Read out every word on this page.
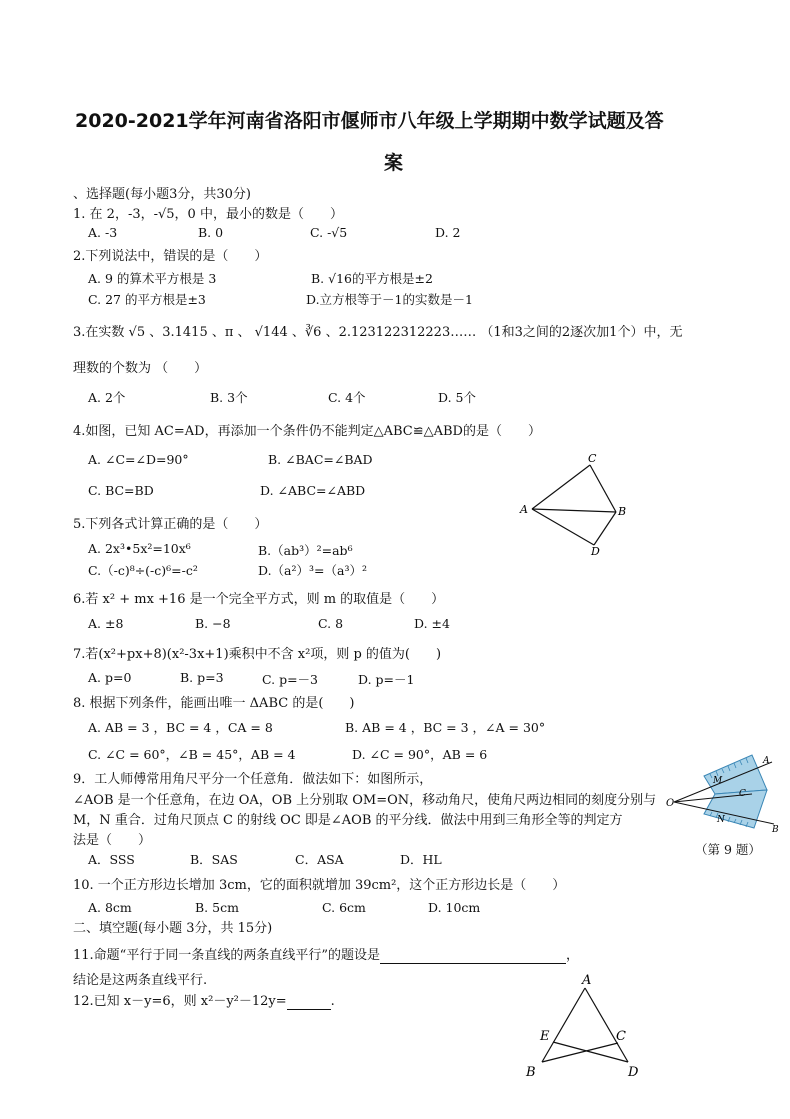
2020-2021学年河南省洛阳市偃师市八年级上学期期中数学试题及答
案
、选择题(每小题3分，共30分)
1. 在 2，-3，-√5，0 中，最小的数是（　　）
A. -3	B. 0	C. -√5	D. 2
2.下列说法中，错误的是（　　）
A. 9 的算术平方根是 3	B. √16的平方根是±2
C. 27 的平方根是±3	D.立方根等于－1的实数是－1
3.在实数 √5 、3.1415 、π 、 √144 、∛6 、2.123122312223…… （1和3之间的2逐次加1个）中，无
理数的个数为 （　　）
A. 2个	B. 3个	C. 4个	D. 5个
4.如图，已知 AC=AD，再添加一个条件仍不能判定△ABC≌△ABD的是（　　）
A. ∠C=∠D=90°	B. ∠BAC=∠BAD
C. BC=BD	D. ∠ABC=∠ABD
A	B
C
D
5.下列各式计算正确的是（　　）
A. 2x³•5x²=10x⁶	B.（ab³）²=ab⁶
C.（-c)⁸÷(-c)⁶=-c²	D.（a²）³=（a³）²
6.若 x² + mx +16 是一个完全平方式，则 m 的取值是（　　）
A. ±8	B. −8	C. 8	D. ±4
7.若(x²+px+8)(x²-3x+1)乘积中不含 x²项，则 p 的值为(　　)
A. p=0	B. p=3	C. p=－3	D. p=－1
8. 根据下列条件，能画出唯一 ΔABC 的是(　　)
A. AB = 3 ，BC = 4 ，CA = 8	B. AB = 4 ，BC = 3 ，∠A = 30°
C. ∠C = 60°，∠B = 45°，AB = 4	D. ∠C = 90°，AB = 6
9．工人师傅常用角尺平分一个任意角．做法如下：如图所示，
∠AOB 是一个任意角，在边 OA，OB 上分别取 OM=ON，移动角尺，使角尺两边相同的刻度分别与
M，N 重合．过角尺顶点 C 的射线 OC 即是∠AOB 的平分线．做法中用到三角形全等的判定方
法是（　　）
A．SSS	B．SAS	C．ASA	D．HL
O
A
M
C
N
B
（第 9 题）
10. 一个正方形边长增加 3cm，它的面积就增加 39cm²，这个正方形边长是（　　）
A. 8cm	B. 5cm	C. 6cm	D. 10cm
二、填空题(每小题 3分，共 15分)
11.命题“平行于同一条直线的两条直线平行”的题设是	，
结论是这两条直线平行.
12.已知 x－y=6，则 x²－y²－12y=	.
A
E	C
B	D
